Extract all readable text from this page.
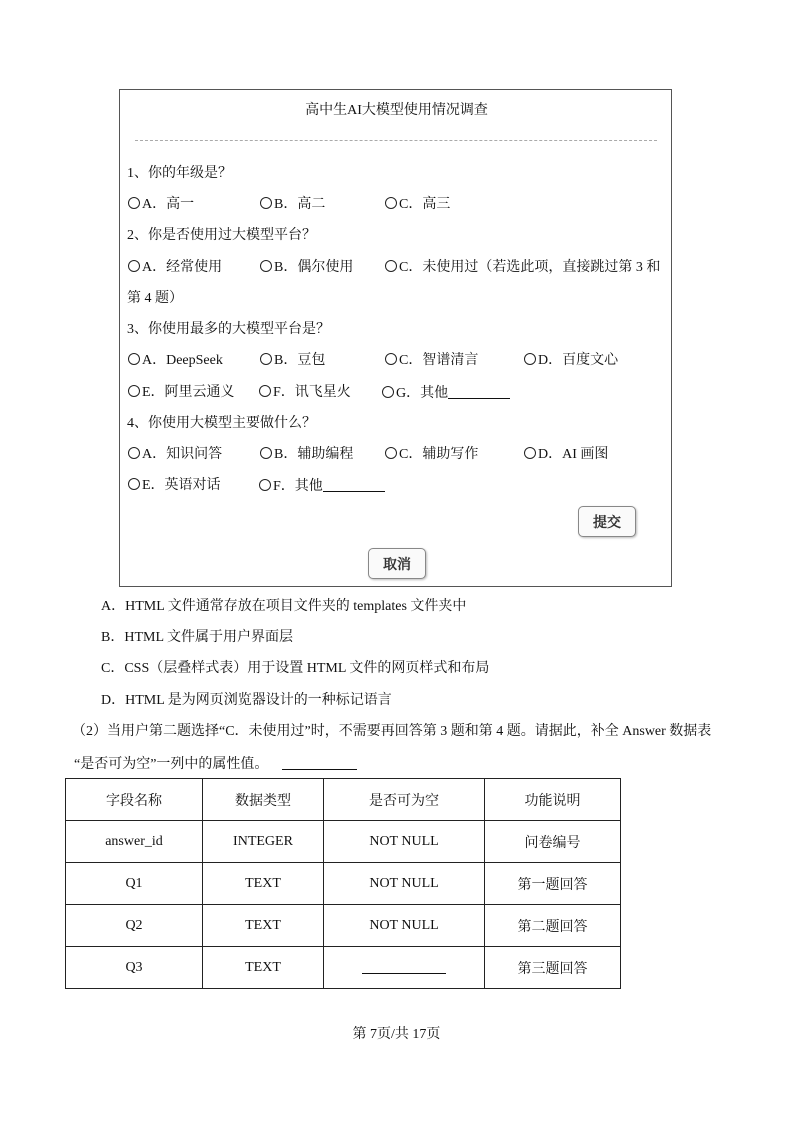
高中生AI大模型使用情况调查
1、你的年级是？
A．高一	B．高二	C．高三
2、你是否使用过大模型平台？
A．经常使用	B．偶尔使用	C．未使用过（若选此项，直接跳过第 3 和
第 4 题）
3、你使用最多的大模型平台是？
A．DeepSeek	B．豆包	C．智谱清言	D．百度文心
E．阿里云通义	F．讯飞星火	G．其他
4、你使用大模型主要做什么？
A．知识问答	B．辅助编程	C．辅助写作	D．AI 画图
E．英语对话	F．其他
提交
取消
A．HTML 文件通常存放在项目文件夹的 templates 文件夹中
B．HTML 文件属于用户界面层
C．CSS（层叠样式表）用于设置 HTML 文件的网页样式和布局
D．HTML 是为网页浏览器设计的一种标记语言
（2）当用户第二题选择“C．未使用过”时，不需要再回答第 3 题和第 4 题。请据此，补全 Answer 数据表
“是否可为空”一列中的属性值。
字段名称	数据类型	是否可为空	功能说明
answer_id	INTEGER	NOT NULL	问卷编号
Q1	TEXT	NOT NULL	第一题回答
Q2	TEXT	NOT NULL	第二题回答
Q3	TEXT		第三题回答
第 7页/共 17页
